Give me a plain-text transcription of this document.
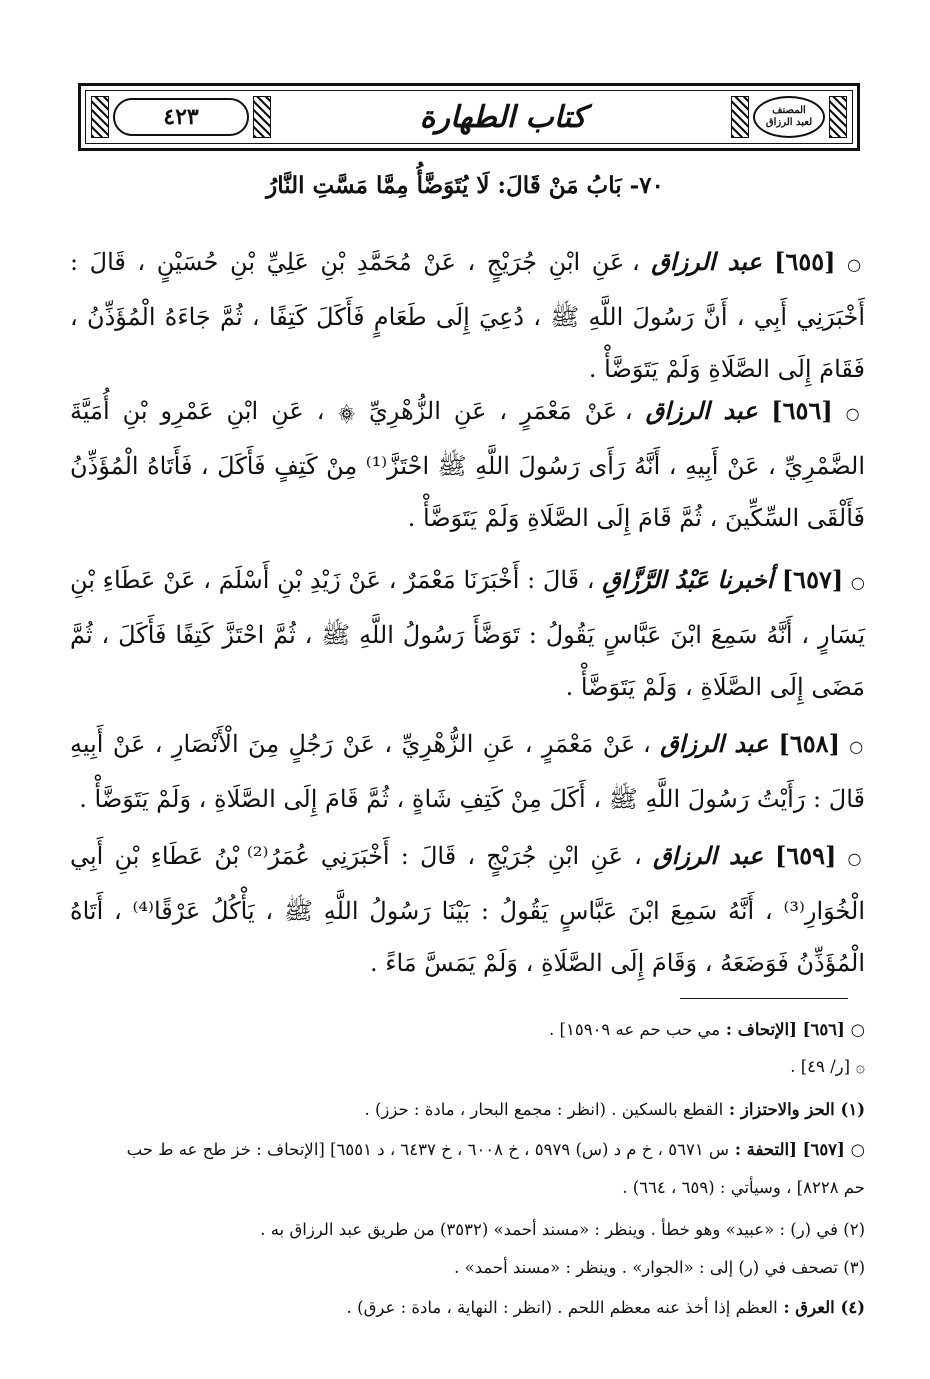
٤٢٣	كتاب الطهارة	المصنف
لعبد الرزاق
٧٠- بَابُ مَنْ قَالَ: لَا يُتَوَضَّأُ مِمَّا مَسَّتِ النَّارُ
○ [٦٥٥] عبد الرزاق ، عَنِ ابْنِ جُرَيْجٍ ، عَنْ مُحَمَّدِ بْنِ عَلِيِّ بْنِ حُسَيْنٍ ، قَالَ : أَخْبَرَنِي أَبِي ، أَنَّ رَسُولَ اللَّهِ ﷺ ، دُعِيَ إِلَى طَعَامٍ فَأَكَلَ كَتِفًا ، ثُمَّ جَاءَهُ الْمُؤَذِّنُ ، فَقَامَ إِلَى الصَّلَاةِ وَلَمْ يَتَوَضَّأْ .
○ [٦٥٦] عبد الرزاق ، عَنْ مَعْمَرٍ ، عَنِ الزُّهْرِيِّ ۞ ، عَنِ ابْنِ عَمْرِو بْنِ أُمَيَّةَ الضَّمْرِيِّ ، عَنْ أَبِيهِ ، أَنَّهُ رَأَى رَسُولَ اللَّهِ ﷺ احْتَزَّ⁽¹⁾ مِنْ كَتِفٍ فَأَكَلَ ، فَأَتَاهُ الْمُؤَذِّنُ فَأَلْقَى السِّكِّينَ ، ثُمَّ قَامَ إِلَى الصَّلَاةِ وَلَمْ يَتَوَضَّأْ .
○ [٦٥٧] أخبرنا عَبْدُ الرَّزَّاقِ ، قَالَ : أَخْبَرَنَا مَعْمَرٌ ، عَنْ زَيْدِ بْنِ أَسْلَمَ ، عَنْ عَطَاءِ بْنِ يَسَارٍ ، أَنَّهُ سَمِعَ ابْنَ عَبَّاسٍ يَقُولُ : تَوَضَّأَ رَسُولُ اللَّهِ ﷺ ، ثُمَّ احْتَزَّ كَتِفًا فَأَكَلَ ، ثُمَّ مَضَى إِلَى الصَّلَاةِ ، وَلَمْ يَتَوَضَّأْ .
○ [٦٥٨] عبد الرزاق ، عَنْ مَعْمَرٍ ، عَنِ الزُّهْرِيِّ ، عَنْ رَجُلٍ مِنَ الْأَنْصَارِ ، عَنْ أَبِيهِ قَالَ : رَأَيْتُ رَسُولَ اللَّهِ ﷺ ، أَكَلَ مِنْ كَتِفِ شَاةٍ ، ثُمَّ قَامَ إِلَى الصَّلَاةِ ، وَلَمْ يَتَوَضَّأْ .
○ [٦٥٩] عبد الرزاق ، عَنِ ابْنِ جُرَيْجٍ ، قَالَ : أَخْبَرَنِي عُمَرُ⁽²⁾ بْنُ عَطَاءِ بْنِ أَبِي الْخُوَارِ⁽³⁾ ، أَنَّهُ سَمِعَ ابْنَ عَبَّاسٍ يَقُولُ : بَيْنَا رَسُولُ اللَّهِ ﷺ ، يَأْكُلُ عَرْقًا⁽⁴⁾ ، أَتَاهُ الْمُؤَذِّنُ فَوَضَعَهُ ، وَقَامَ إِلَى الصَّلَاةِ ، وَلَمْ يَمَسَّ مَاءً .
○ [٦٥٦] [الإتحاف : مي حب حم عه ١٥٩٠٩] .
۞ [ر/ ٤٩] .
(١) الحز والاحتزاز : القطع بالسكين . (انظر : مجمع البحار ، مادة : حزز) .
○ [٦٥٧] [التحفة : س ٥٦٧١ ، خ م د (س) ٥٩٧٩ ، خ ٦٠٠٨ ، خ ٦٤٣٧ ، د ٦٥٥١] [الإتحاف : خز طح عه ط حب
حم ٨٢٢٨] ، وسيأتي : (٦٥٩ ، ٦٦٤) .
(٢) في (ر) : «عبيد» وهو خطأ . وينظر : «مسند أحمد» (٣٥٣٢) من طريق عبد الرزاق به .
(٣) تصحف في (ر) إلى : «الجوار» . وينظر : «مسند أحمد» .
(٤) العرق : العظم إذا أخذ عنه معظم اللحم . (انظر : النهاية ، مادة : عرق) .
